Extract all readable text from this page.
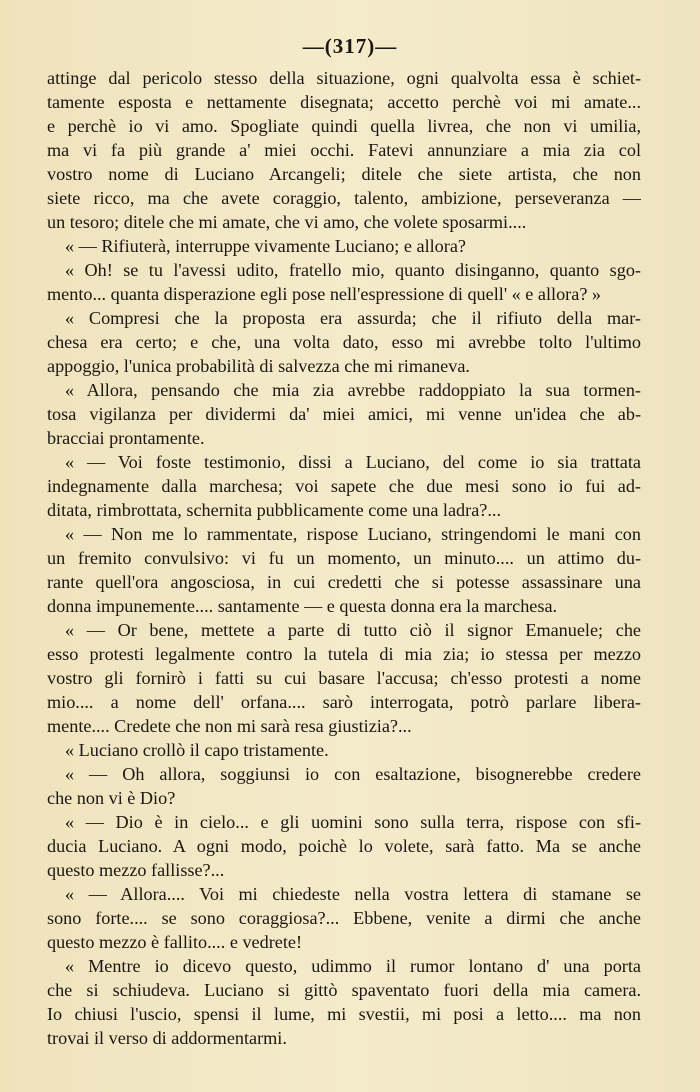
—(317)—
attinge dal pericolo stesso della situazione, ogni qualvolta essa è schiet-
tamente esposta e nettamente disegnata; accetto perchè voi mi amate...
e perchè io vi amo. Spogliate quindi quella livrea, che non vi umilia,
ma vi fa più grande a' miei occhi. Fatevi annunziare a mia zia col
vostro nome di Luciano Arcangeli; ditele che siete artista, che non
siete ricco, ma che avete coraggio, talento, ambizione, perseveranza —
un tesoro; ditele che mi amate, che vi amo, che volete sposarmi....
« — Rifiuterà, interruppe vivamente Luciano; e allora?
« Oh! se tu l'avessi udito, fratello mio, quanto disinganno, quanto sgo-
mento... quanta disperazione egli pose nell'espressione di quell' « e allora? »
« Compresi che la proposta era assurda; che il rifiuto della mar-
chesa era certo; e che, una volta dato, esso mi avrebbe tolto l'ultimo
appoggio, l'unica probabilità di salvezza che mi rimaneva.
« Allora, pensando che mia zia avrebbe raddoppiato la sua tormen-
tosa vigilanza per dividermi da' miei amici, mi venne un'idea che ab-
bracciai prontamente.
« — Voi foste testimonio, dissi a Luciano, del come io sia trattata
indegnamente dalla marchesa; voi sapete che due mesi sono io fui ad-
ditata, rimbrottata, schernita pubblicamente come una ladra?...
« — Non me lo rammentate, rispose Luciano, stringendomi le mani con
un fremito convulsivo: vi fu un momento, un minuto.... un attimo du-
rante quell'ora angosciosa, in cui credetti che si potesse assassinare una
donna impunemente.... santamente — e questa donna era la marchesa.
« — Or bene, mettete a parte di tutto ciò il signor Emanuele; che
esso protesti legalmente contro la tutela di mia zia; io stessa per mezzo
vostro gli fornirò i fatti su cui basare l'accusa; ch'esso protesti a nome
mio.... a nome dell' orfana.... sarò interrogata, potrò parlare libera-
mente.... Credete che non mi sarà resa giustizia?...
« Luciano crollò il capo tristamente.
« — Oh allora, soggiunsi io con esaltazione, bisognerebbe credere
che non vi è Dio?
« — Dio è in cielo... e gli uomini sono sulla terra, rispose con sfi-
ducia Luciano. A ogni modo, poichè lo volete, sarà fatto. Ma se anche
questo mezzo fallisse?...
« — Allora.... Voi mi chiedeste nella vostra lettera di stamane se
sono forte.... se sono coraggiosa?... Ebbene, venite a dirmi che anche
questo mezzo è fallito.... e vedrete!
« Mentre io dicevo questo, udimmo il rumor lontano d' una porta
che si schiudeva. Luciano si gittò spaventato fuori della mia camera.
Io chiusi l'uscio, spensi il lume, mi svestii, mi posi a letto.... ma non
trovai il verso di addormentarmi.
